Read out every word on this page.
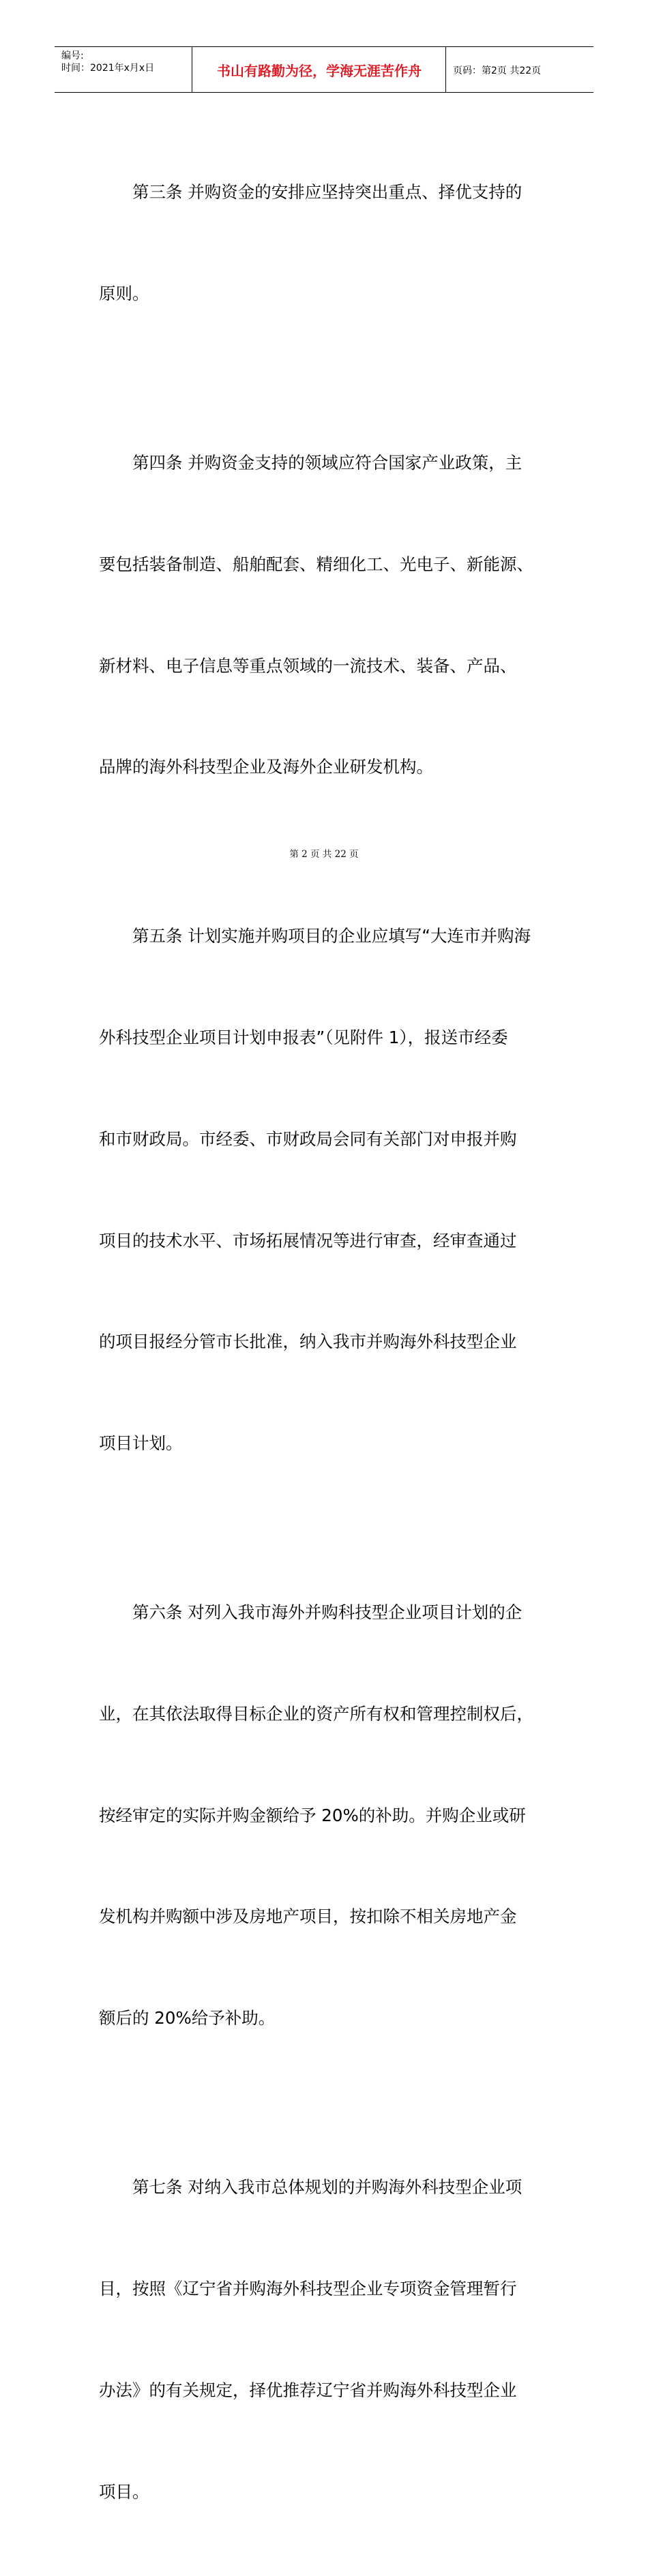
编号:
时间：2021年x月x日	书山有路勤为径，学海无涯苦作舟	页码：第2页 共22页

第三条 并购资金的安排应坚持突出重点、择优支持的

原则。

第四条 并购资金支持的领域应符合国家产业政策，主

要包括装备制造、船舶配套、精细化工、光电子、新能源、

新材料、电子信息等重点领域的一流技术、装备、产品、

品牌的海外科技型企业及海外企业研发机构。

第五条 计划实施并购项目的企业应填写“大连市并购海

外科技型企业项目计划申报表”（见附件 1），报送市经委

和市财政局。市经委、市财政局会同有关部门对申报并购

项目的技术水平、市场拓展情况等进行审查，经审查通过

的项目报经分管市长批准，纳入我市并购海外科技型企业

项目计划。

第六条 对列入我市海外并购科技型企业项目计划的企

业，在其依法取得目标企业的资产所有权和管理控制权后，

按经审定的实际并购金额给予 20%的补助。并购企业或研

发机构并购额中涉及房地产项目，按扣除不相关房地产金

额后的 20%给予补助。

第七条 对纳入我市总体规划的并购海外科技型企业项

目，按照《辽宁省并购海外科技型企业专项资金管理暂行

办法》的有关规定，择优推荐辽宁省并购海外科技型企业

项目。

第 2 页 共 22 页
